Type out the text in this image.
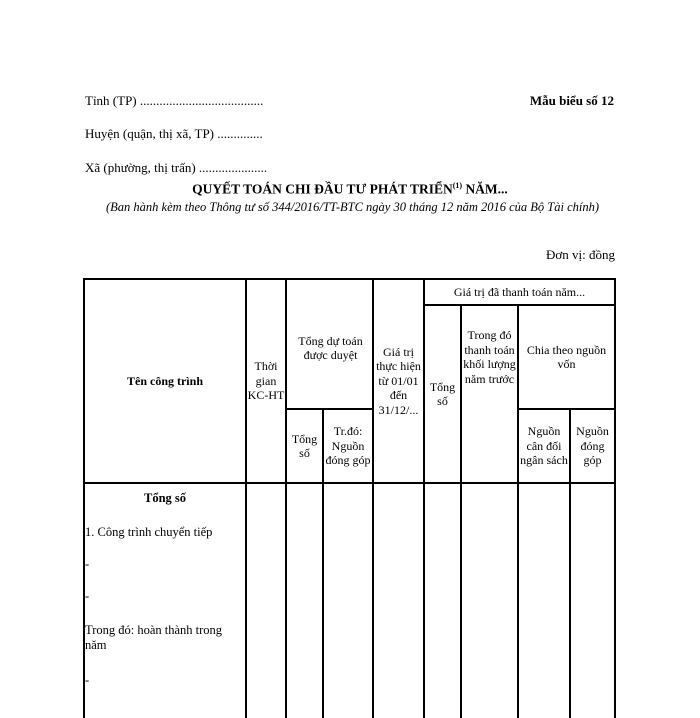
Tỉnh (TP) ......................................	Mẫu biểu số 12
Huyện (quận, thị xã, TP) ..............
Xã (phường, thị trấn) .....................
QUYẾT TOÁN CHI ĐẦU TƯ PHÁT TRIỂN$^{(1)}$ NĂM...
(Ban hành kèm theo Thông tư số 344/2016/TT-BTC ngày 30 tháng 12 năm 2016 của Bộ Tài chính)
Đơn vị: đồng
Tên công trình
Thời gian KC-HT
Tổng dự toán được duyệt
Tổng số
Tr.đó: Nguồn đóng góp
Giá trị thực hiện từ 01/01 đến 31/12/...
Giá trị đã thanh toán năm...
Tổng số
Trong đó thanh toán khối lượng năm trước
Chia theo nguồn vốn
Nguồn cân đối ngân sách
Nguồn đóng góp
Tổng số
1. Công trình chuyển tiếp
-
-
Trong đó: hoàn thành trong năm
-
